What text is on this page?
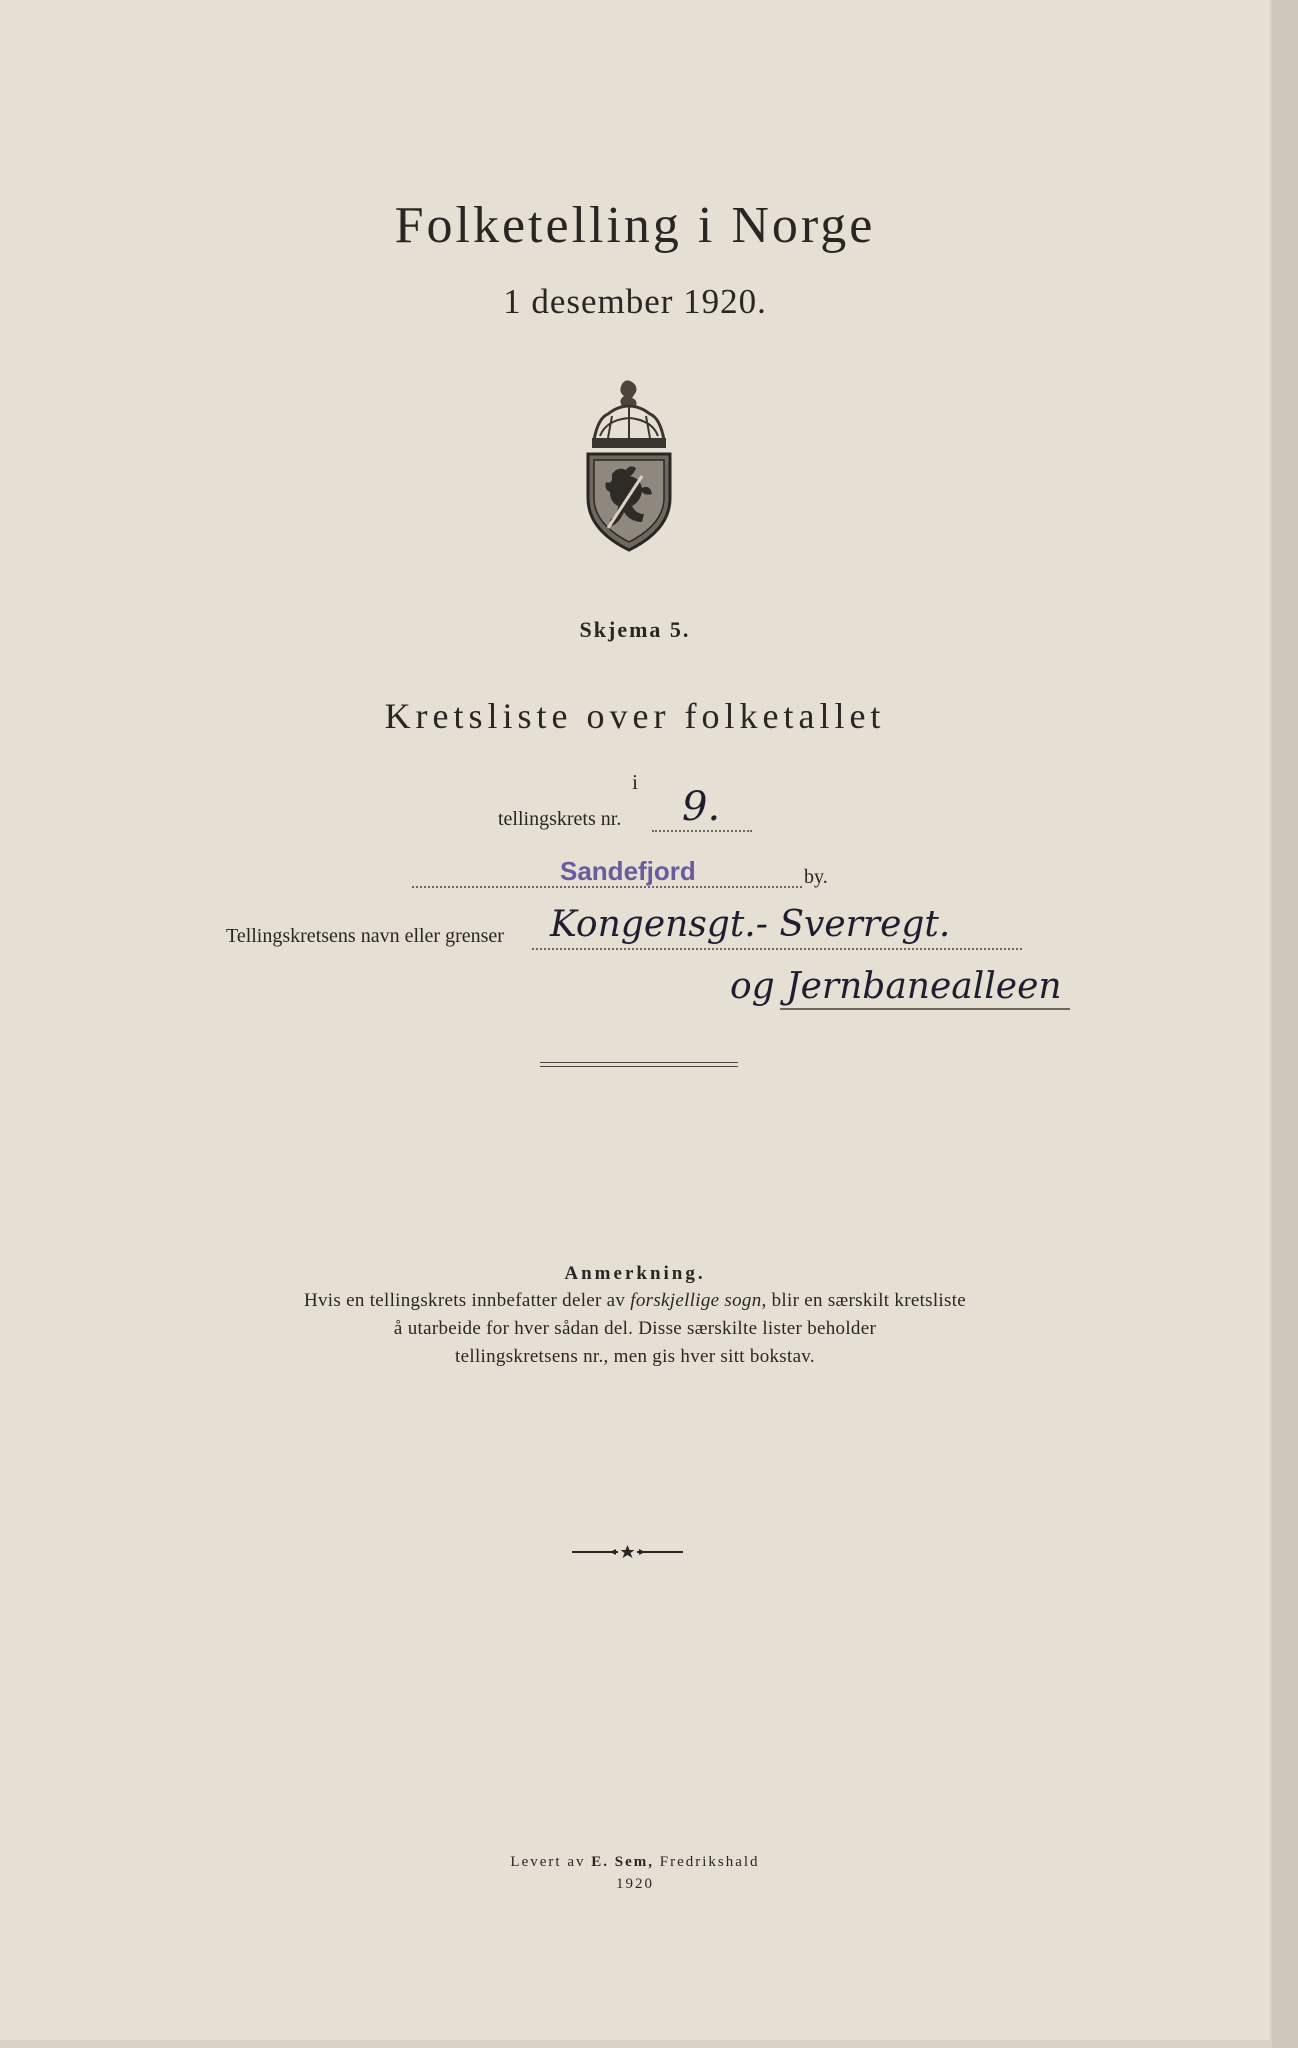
Folketelling i Norge
1 desember 1920.
Skjema 5.
Kretsliste over folketallet
i
tellingskrets nr. 9.
Sandefjord	by.
Tellingskretsens navn eller grenser Kongensgt.- Sverregt.
og Jernbanealleen
Anmerkning.
Hvis en tellingskrets innbefatter deler av forskjellige sogn, blir en særskilt kretsliste
å utarbeide for hver sådan del. Disse særskilte lister beholder
tellingskretsens nr., men gis hver sitt bokstav.
Levert av E. Sem, Fredrikshald
1920
